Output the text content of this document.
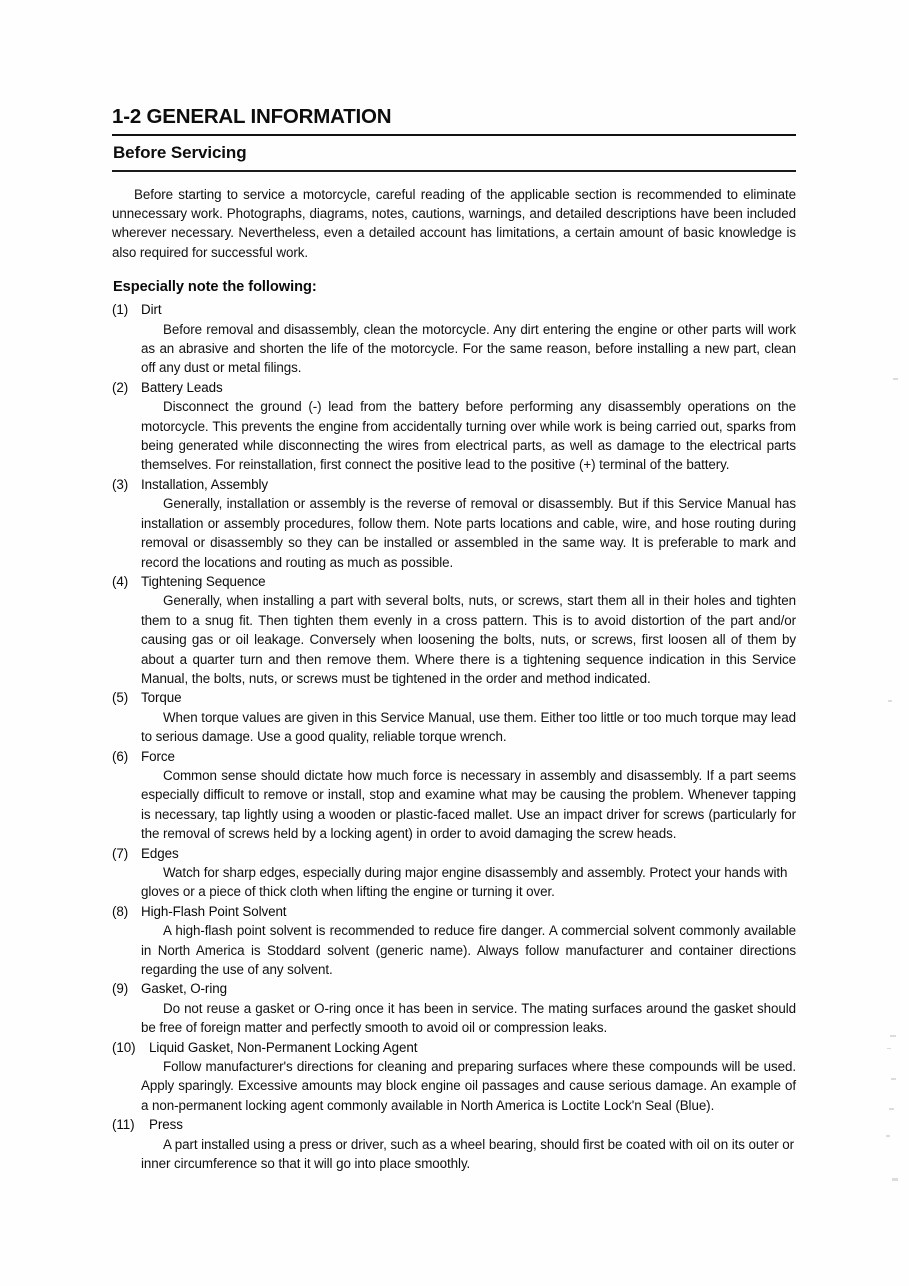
1-2 GENERAL INFORMATION
Before Servicing

Before starting to service a motorcycle, careful reading of the applicable section is recommended to eliminate unnecessary work. Photographs, diagrams, notes, cautions, warnings, and detailed descriptions have been included wherever necessary. Nevertheless, even a detailed account has limitations, a certain amount of basic knowledge is also required for successful work.

Especially note the following:
(1) Dirt

Before removal and disassembly, clean the motorcycle. Any dirt entering the engine or other parts will work as an abrasive and shorten the life of the motorcycle. For the same reason, before installing a new part, clean off any dust or metal filings.

(2) Battery Leads

Disconnect the ground (-) lead from the battery before performing any disassembly operations on the motorcycle. This prevents the engine from accidentally turning over while work is being carried out, sparks from being generated while disconnecting the wires from electrical parts, as well as damage to the electrical parts themselves. For reinstallation, first connect the positive lead to the positive (+) terminal of the battery.

(3) Installation, Assembly

Generally, installation or assembly is the reverse of removal or disassembly. But if this Service Manual has installation or assembly procedures, follow them. Note parts locations and cable, wire, and hose routing during removal or disassembly so they can be installed or assembled in the same way. It is preferable to mark and record the locations and routing as much as possible.

(4) Tightening Sequence

Generally, when installing a part with several bolts, nuts, or screws, start them all in their holes and tighten them to a snug fit. Then tighten them evenly in a cross pattern. This is to avoid distortion of the part and/or causing gas or oil leakage. Conversely when loosening the bolts, nuts, or screws, first loosen all of them by about a quarter turn and then remove them. Where there is a tightening sequence indication in this Service Manual, the bolts, nuts, or screws must be tightened in the order and method indicated.

(5) Torque

When torque values are given in this Service Manual, use them. Either too little or too much torque may lead to serious damage. Use a good quality, reliable torque wrench.

(6) Force

Common sense should dictate how much force is necessary in assembly and disassembly. If a part seems especially difficult to remove or install, stop and examine what may be causing the problem. Whenever tapping is necessary, tap lightly using a wooden or plastic-faced mallet. Use an impact driver for screws (particularly for the removal of screws held by a locking agent) in order to avoid damaging the screw heads.

(7) Edges

Watch for sharp edges, especially during major engine disassembly and assembly. Protect your hands with gloves or a piece of thick cloth when lifting the engine or turning it over.

(8) High-Flash Point Solvent

A high-flash point solvent is recommended to reduce fire danger. A commercial solvent commonly available in North America is Stoddard solvent (generic name). Always follow manufacturer and container directions regarding the use of any solvent.

(9) Gasket, O-ring

Do not reuse a gasket or O-ring once it has been in service. The mating surfaces around the gasket should be free of foreign matter and perfectly smooth to avoid oil or compression leaks.

(10)	Liquid Gasket, Non-Permanent Locking Agent

Follow manufacturer's directions for cleaning and preparing surfaces where these compounds will be used. Apply sparingly. Excessive amounts may block engine oil passages and cause serious damage. An example of a non-permanent locking agent commonly available in North America is Loctite Lock'n Seal (Blue).

(11)	Press

A part installed using a press or driver, such as a wheel bearing, should first be coated with oil on its outer or inner circumference so that it will go into place smoothly.
